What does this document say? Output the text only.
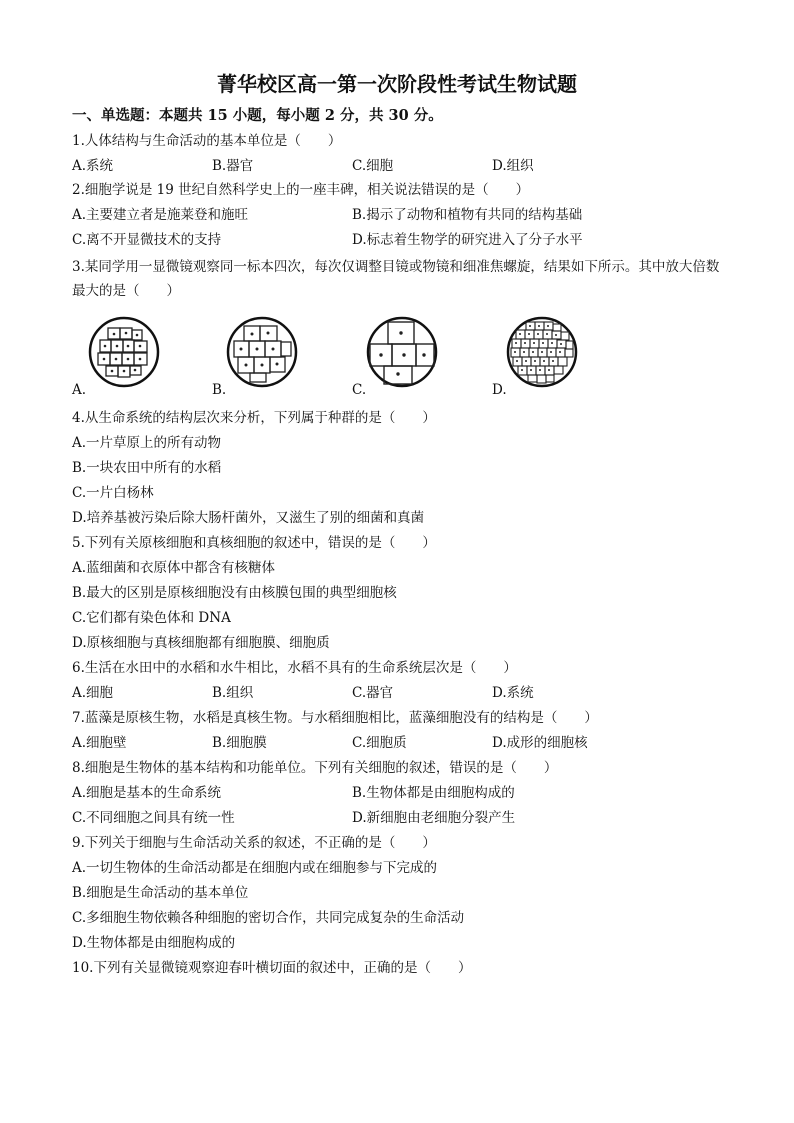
菁华校区高一第一次阶段性考试生物试题
一、单选题：本题共 15 小题，每小题 2 分，共 30 分。
1.人体结构与生命活动的基本单位是（　　）
A.系统	B.器官	C.细胞	D.组织
2.细胞学说是 19 世纪自然科学史上的一座丰碑，相关说法错误的是（　　）
A.主要建立者是施莱登和施旺	B.揭示了动物和植物有共同的结构基础
C.离不开显微技术的支持	D.标志着生物学的研究进入了分子水平
3.某同学用一显微镜观察同一标本四次，每次仅调整目镜或物镜和细准焦螺旋，结果如下所示。其中放大倍数最大的是（　　）
A.	B.	C.	D.
4.从生命系统的结构层次来分析，下列属于种群的是（　　）
A.一片草原上的所有动物
B.一块农田中所有的水稻
C.一片白杨林
D.培养基被污染后除大肠杆菌外，又滋生了别的细菌和真菌
5.下列有关原核细胞和真核细胞的叙述中，错误的是（　　）
A.蓝细菌和衣原体中都含有核糖体
B.最大的区别是原核细胞没有由核膜包围的典型细胞核
C.它们都有染色体和 DNA
D.原核细胞与真核细胞都有细胞膜、细胞质
6.生活在水田中的水稻和水牛相比，水稻不具有的生命系统层次是（　　）
A.细胞	B.组织	C.器官	D.系统
7.蓝藻是原核生物，水稻是真核生物。与水稻细胞相比，蓝藻细胞没有的结构是（　　）
A.细胞壁	B.细胞膜	C.细胞质	D.成形的细胞核
8.细胞是生物体的基本结构和功能单位。下列有关细胞的叙述，错误的是（　　）
A.细胞是基本的生命系统	B.生物体都是由细胞构成的
C.不同细胞之间具有统一性	D.新细胞由老细胞分裂产生
9.下列关于细胞与生命活动关系的叙述，不正确的是（　　）
A.一切生物体的生命活动都是在细胞内或在细胞参与下完成的
B.细胞是生命活动的基本单位
C.多细胞生物依赖各种细胞的密切合作，共同完成复杂的生命活动
D.生物体都是由细胞构成的
10.下列有关显微镜观察迎春叶横切面的叙述中，正确的是（　　）
